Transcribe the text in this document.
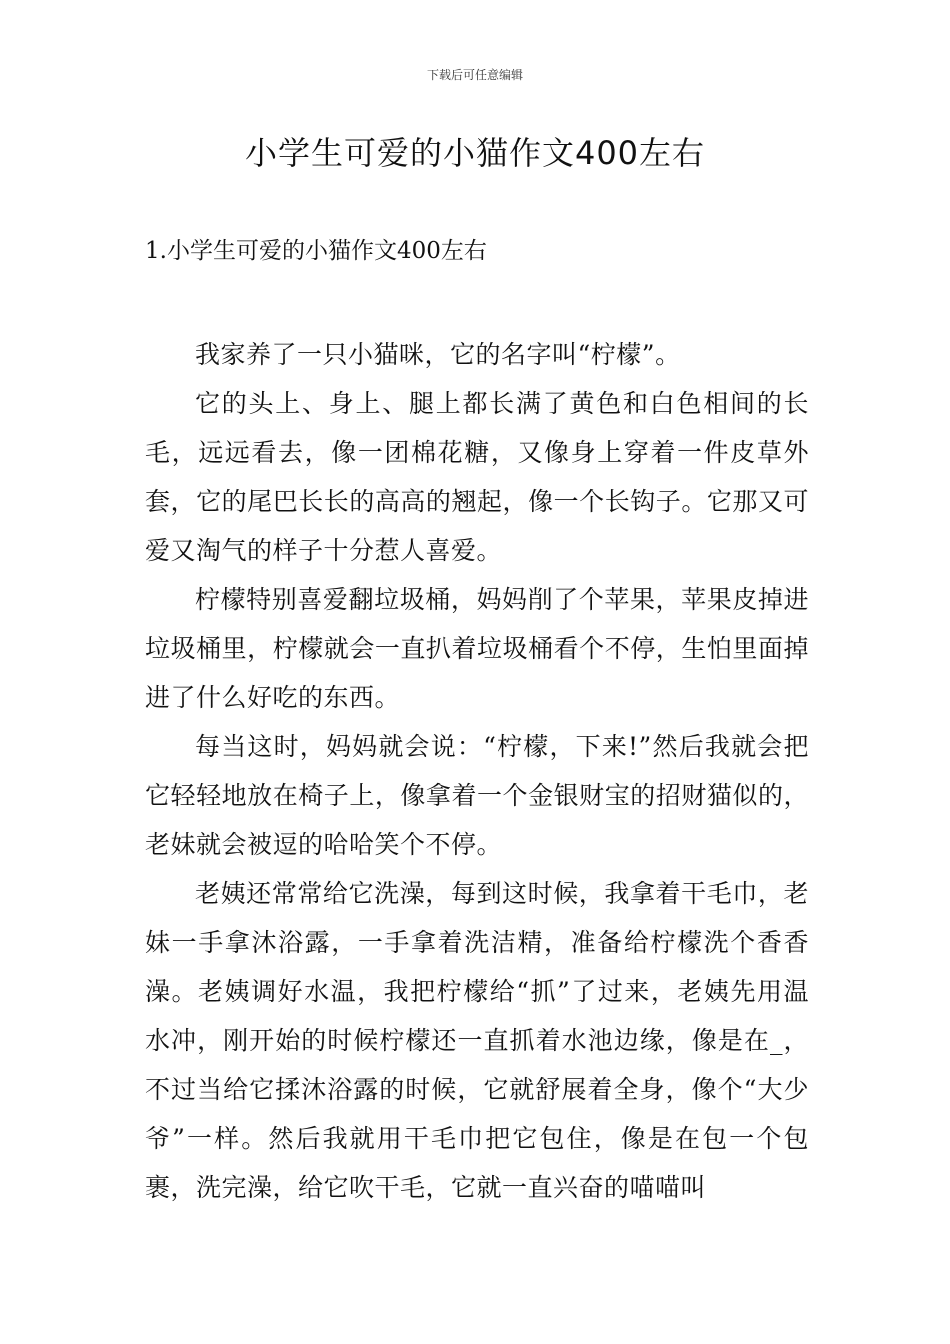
下载后可任意编辑
小学生可爱的小猫作文400左右
1.小学生可爱的小猫作文400左右

我家养了一只小猫咪，它的名字叫“柠檬”。

它的头上、身上、腿上都长满了黄色和白色相间的长毛，远远看去，像一团棉花糖，又像身上穿着一件皮草外套，它的尾巴长长的高高的翘起，像一个长钩子。它那又可爱又淘气的样子十分惹人喜爱。

柠檬特别喜爱翻垃圾桶，妈妈削了个苹果，苹果皮掉进垃圾桶里，柠檬就会一直扒着垃圾桶看个不停，生怕里面掉进了什么好吃的东西。

每当这时，妈妈就会说：“柠檬，下来!”然后我就会把它轻轻地放在椅子上，像拿着一个金银财宝的招财猫似的，老妹就会被逗的哈哈笑个不停。

老姨还常常给它洗澡，每到这时候，我拿着干毛巾，老妹一手拿沐浴露，一手拿着洗洁精，准备给柠檬洗个香香澡。老姨调好水温，我把柠檬给“抓”了过来，老姨先用温水冲，刚开始的时候柠檬还一直抓着水池边缘，像是在_，不过当给它揉沐浴露的时候，它就舒展着全身，像个“大少爷”一样。然后我就用干毛巾把它包住，像是在包一个包裹，洗完澡，给它吹干毛，它就一直兴奋的喵喵叫
